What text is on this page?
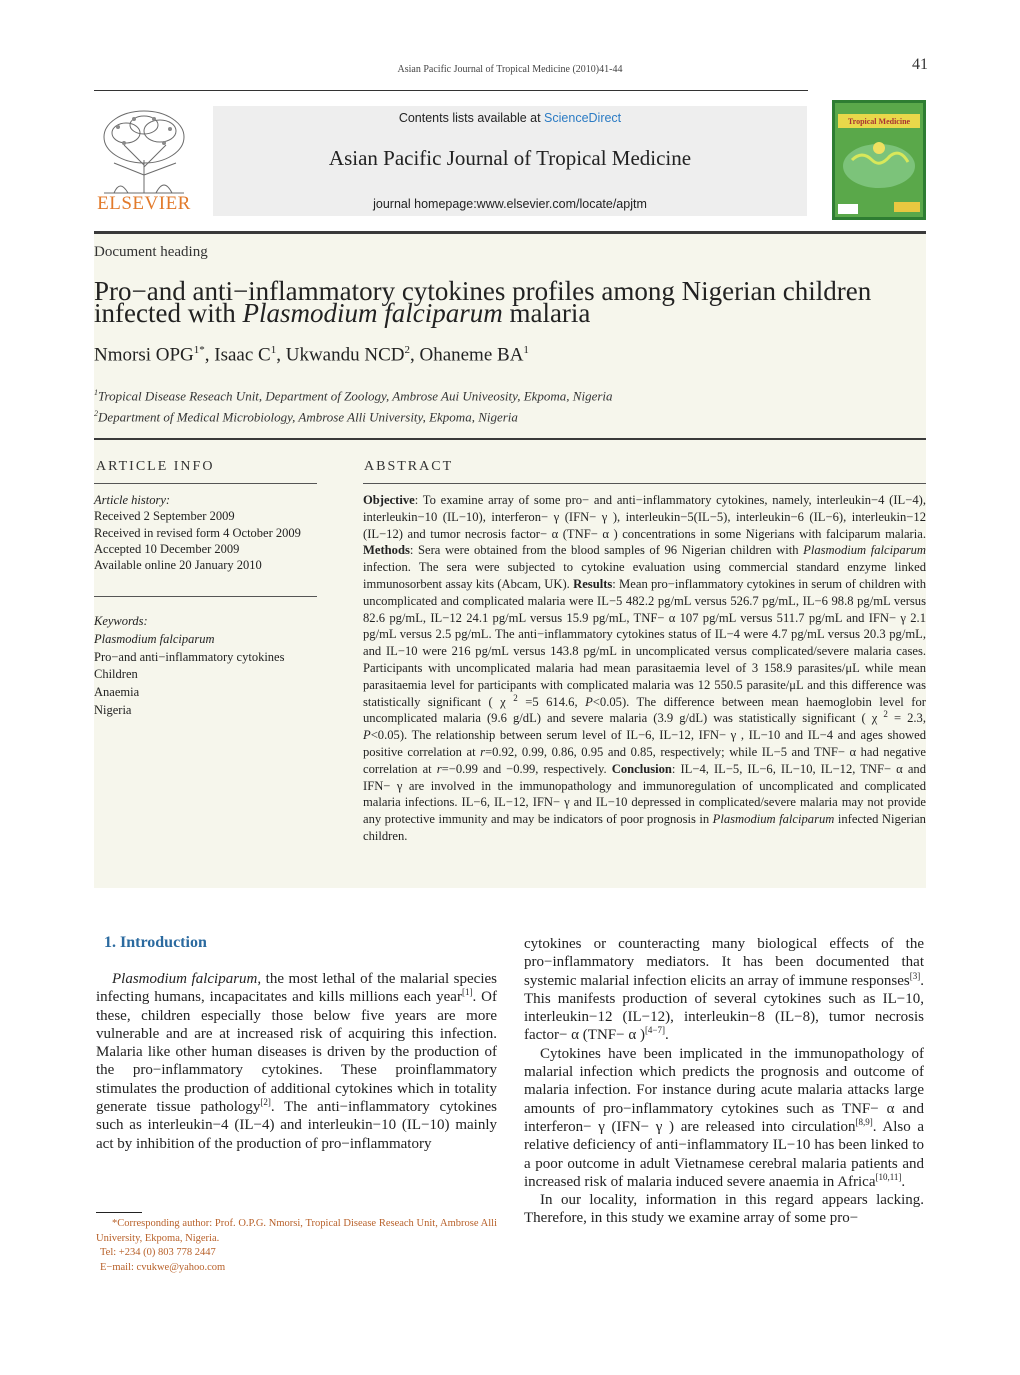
Asian Pacific Journal of Tropical Medicine (2010)41-44	41
ELSEVIER
Contents lists available at ScienceDirect
Asian Pacific Journal of Tropical Medicine
journal homepage:www.elsevier.com/locate/apjtm
Tropical Medicine
Document heading
Pro−and anti−inflammatory cytokines profiles among Nigerian children
infected with Plasmodium falciparum malaria
Nmorsi $OPG^{1*}$, Isaac $C^1$, Ukwandu NCD$^2$, Ohaneme $BA^1$
$^1$Tropical Disease Reseach Unit, Department of Zoology, Ambrose Aui Univeosity, Ekpoma, Nigeria
$^2$Department of Medical Microbiology, Ambrose Alli University, Ekpoma, Nigeria
ARTICLE INFO
Article history:
Received 2 September 2009
Received in revised form 4 October 2009
Accepted 10 December 2009
Available online 20 January 2010
Keywords:
Plasmodium falciparum
Pro−and anti−inflammatory cytokines
Children
Anaemia
Nigeria
ABSTRACT
Objective: To examine array of some pro− and anti−inflammatory cytokines, namely, interleukin−4 (IL−4), interleukin−10 (IL−10), interferon− γ (IFN− γ ), interleukin−5(IL−5), interleukin−6 (IL−6), interleukin−12 (IL−12) and tumor necrosis factor− α (TNF− α ) concentrations in some Nigerians with falciparum malaria. Methods: Sera were obtained from the blood samples of 96 Nigerian children with Plasmodium falciparum infection. The sera were subjected to cytokine evaluation using commercial standard enzyme linked immunosorbent assay kits (Abcam, UK). Results: Mean pro−inflammatory cytokines in serum of children with uncomplicated and complicated malaria were IL−5 482.2 pg/mL versus 526.7 pg/mL, IL−6 98.8 pg/mL versus 82.6 pg/mL, IL−12 24.1 pg/mL versus 15.9 pg/mL, TNF− α 107 pg/mL versus 511.7 pg/mL and IFN− γ 2.1 pg/mL versus 2.5 pg/mL. The anti−inflammatory cytokines status of IL−4 were 4.7 pg/mL versus 20.3 pg/mL, and IL−10 were 216 pg/mL versus 143.8 pg/mL in uncomplicated versus complicated/severe malaria cases. Participants with uncomplicated malaria had mean parasitaemia level of 3 158.9 parasites/μL while mean parasitaemia level for participants with complicated malaria was 12 550.5 parasite/μL and this difference was statistically significant ( χ $^2$ =5 614.6, P<0.05). The difference between mean haemoglobin level for uncomplicated malaria (9.6 g/dL) and severe malaria (3.9 g/dL) was statistically significant ( χ $^2$ = 2.3, P<0.05). The relationship between serum level of IL−6, IL−12, IFN− γ , IL−10 and IL−4 and ages showed positive correlation at r=0.92, 0.99, 0.86, 0.95 and 0.85, respectively; while IL−5 and TNF− α had negative correlation at r=−0.99 and −0.99, respectively. Conclusion: IL−4, IL−5, IL−6, IL−10, IL−12, TNF− α and IFN− γ are involved in the immunopathology and immunoregulation of uncomplicated and complicated malaria infections. IL−6, IL−12, IFN− γ and IL−10 depressed in complicated/severe malaria may not provide any protective immunity and may be indicators of poor prognosis in Plasmodium falciparum infected Nigerian children.
1. Introduction
Plasmodium falciparum, the most lethal of the malarial species infecting humans, incapacitates and kills millions each year[1]. Of these, children especially those below five years are more vulnerable and are at increased risk of acquiring this infection. Malaria like other human diseases is driven by the production of the pro−inflammatory cytokines. These proinflammatory stimulates the production of additional cytokines which in totality generate tissue pathology[2]. The anti−inflammatory cytokines such as interleukin−4 (IL−4) and interleukin−10 (IL−10) mainly act by inhibition of the production of pro−inflammatory
*Corresponding author: Prof. O.P.G. Nmorsi, Tropical Disease Reseach Unit, Ambrose Alli University, Ekpoma, Nigeria.
Tel: +234 (0) 803 778 2447
E−mail: cvukwe@yahoo.com
cytokines or counteracting many biological effects of the pro−inflammatory mediators. It has been documented that systemic malarial infection elicits an array of immune responses[3]. This manifests production of several cytokines such as IL−10, interleukin−12 (IL−12), interleukin−8 (IL−8), tumor necrosis factor− α (TNF− α )[4−7].
Cytokines have been implicated in the immunopathology of malarial infection which predicts the prognosis and outcome of malaria infection. For instance during acute malaria attacks large amounts of pro−inflammatory cytokines such as TNF− α and interferon− γ (IFN− γ ) are released into circulation[8,9]. Also a relative deficiency of anti−inflammatory IL−10 has been linked to a poor outcome in adult Vietnamese cerebral malaria patients and increased risk of malaria induced severe anaemia in Africa[10,11].
In our locality, information in this regard appears lacking. Therefore, in this study we examine array of some pro−
